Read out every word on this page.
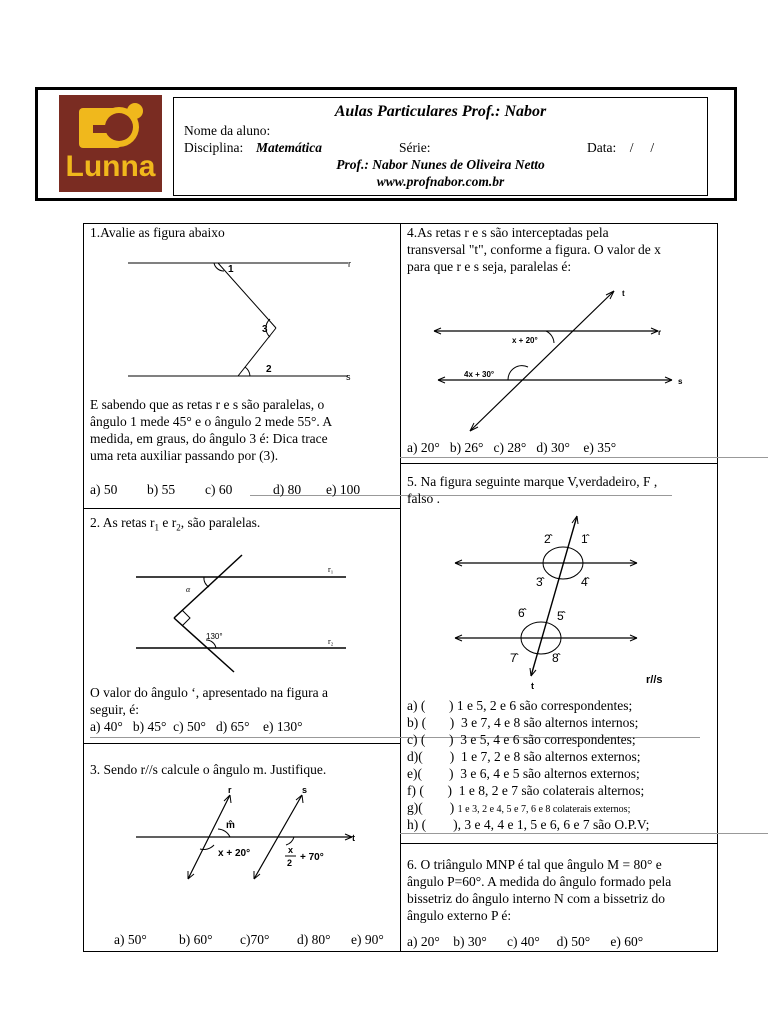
Lunna
Aulas Particulares Prof.: Nabor
Nome da aluno:
Disciplina: Matemática	Série:	Data:    /     /
Prof.: Nabor Nunes de Oliveira Netto
www.profnabor.com.br
1.Avalie as figura abaixo
r
s
1
3
2
E sabendo que as retas r e s são paralelas, o
ângulo 1 mede 45° e o ângulo 2 mede 55°. A
medida, em graus, do ângulo 3 é: Dica trace
uma reta auxiliar passando por (3).
a) 50 b) 55 c) 60	d) 80 e) 100
2. As retas $r_1$ e $r_2$, são paralelas.
α
r₁
r₂
130°
O valor do ângulo ‘, apresentado na figura a
seguir, é:
a) 40°   b) 45°  c) 50°   d) 65°    e) 130°
3. Sendo r//s calcule o ângulo m. Justifique.
r	s
t
m̂
x + 20°	x
2 + 70°
a) 50° b) 60° c)70° d) 80° e) 90°
4.As retas r e s são interceptadas pela
transversal "t", conforme a figura. O valor de x
para que r e s seja, paralelas é:
t
r
s
x + 20°
4x + 30°
a) 20°   b) 26°   c) 28°   d) 30°    e) 35°
5. Na figura seguinte marque V,verdadeiro, F ,
falso .
2̂	1̂
3̂	4̂
6̂	5̂
7̂	8̂
t	r//s
a) (       ) 1 e 5, 2 e 6 são correspondentes;
b) (       )  3 e 7, 4 e 8 são alternos internos;
c) (       )  3 e 5, 4 e 6 são correspondentes;
d)(        )  1 e 7, 2 e 8 são alternos externos;
e)(        )  3 e 6, 4 e 5 são alternos externos;
f) (       )  1 e 8, 2 e 7 são colaterais alternos;
g)(        ) 1 e 3, 2 e 4, 5 e 7, 6 e 8 colaterais externos;
h) (        ), 3 e 4, 4 e 1, 5 e 6, 6 e 7 são O.P.V;
6. O triângulo MNP é tal que ângulo M = 80° e
ângulo P=60°. A medida do ângulo formado pela
bissetriz do ângulo interno N com a bissetriz do
ângulo externo P é:
a) 20°    b) 30°      c) 40°     d) 50°      e) 60°
